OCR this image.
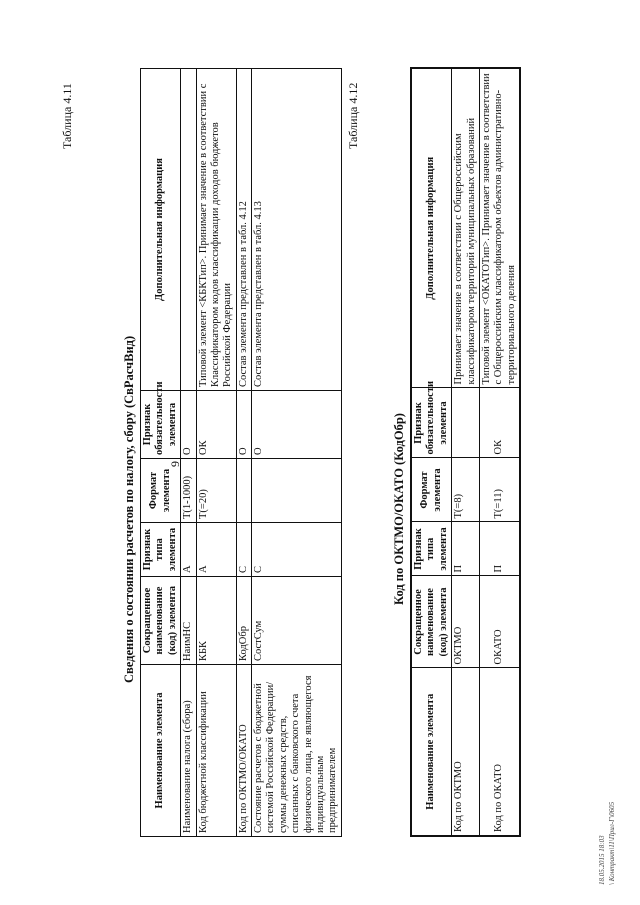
9
Таблица 4.11
Сведения о состоянии расчетов по налогу, сбору (СвРасчВид)
Наименование элемента	Сокращенное наименование (код) элемента	Признак типа элемента	Формат элемента	Признак обязательности элемента	Дополнительная информация
Наименование налога (сбора)	НаимНС	А	T(1-1000)	О	
Код бюджетной классификации	КБК	А	T(=20)	ОК	Типовой элемент <КБКТип>. Принимает значение в соответствии с Классификатором кодов классификации доходов бюджетов Российской Федерации
Код по ОКТМО/ОКАТО	КодОбр	С		О	Состав элемента представлен в табл. 4.12
Состояние расчетов с бюджетной системой Российской Федерации/суммы денежных средств, списанных с банковского счета физического лица, не являющегося индивидуальным предпринимателем	СостСум	С		О	Состав элемента представлен в табл. 4.13
Таблица 4.12
Код по ОКТМО/ОКАТО (КодОбр)
Наименование элемента	Сокращенное наименование (код) элемента	Признак типа элемента	Формат элемента	Признак обязательности элемента	Дополнительная информация
Код по ОКТМО	ОКТМО	П	T(=8)		Принимает значение в соответствии с Общероссийским классификатором территорий муниципальных образований
Код по ОКАТО	ОКАТО	П	T(=11)	ОК	Типовой элемент <ОКАТОТип>. Принимает значение в соответствии с Общероссийским классификатором объектов административно-территориального деления
18.05.2015 18:03 \ Контракт\11\Прил-Г\0605
